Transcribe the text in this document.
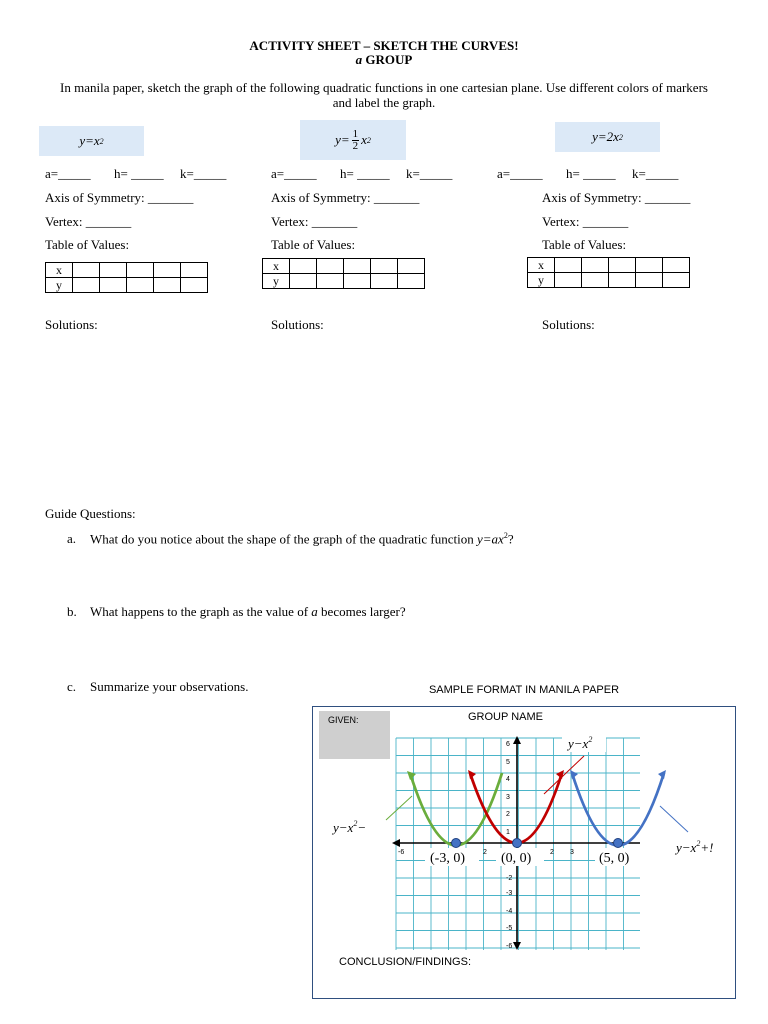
ACTIVITY SHEET – SKETCH THE CURVES!
a GROUP
In manila paper, sketch the graph of the following quadratic functions in one cartesian plane. Use different colors of markers and label the graph.
y= x 2	$y= \frac{1}{2}$ x 2	y= 2 x 2
a=_____ h= _____ k=_____
Axis of Symmetry: _______
Vertex: _______
Table of Values:
x					
y					
Solutions:
a=_____ h= _____ k=_____
Axis of Symmetry: _______
Vertex: _______
Table of Values:
x					
y					
Solutions:
a=_____ h= _____ k=_____
Axis of Symmetry: _______
Vertex: _______
Table of Values:
x					
y					
Solutions:
Guide Questions:
a. What do you notice about the shape of the graph of the quadratic function $y=ax^2$?
b. What happens to the graph as the value of a becomes larger?
c. Summarize your observations.	SAMPLE FORMAT IN MANILA PAPER
GIVEN:	GROUP NAME
6
5
4
3
2
1
-2
-3
-4
-5
-6
-6	2	2 3
(-3, 0)	(0, 0)	(5, 0)
$y-x^2$
$y-x^2-$
$y-x^2+$!
CONCLUSION/FINDINGS:
